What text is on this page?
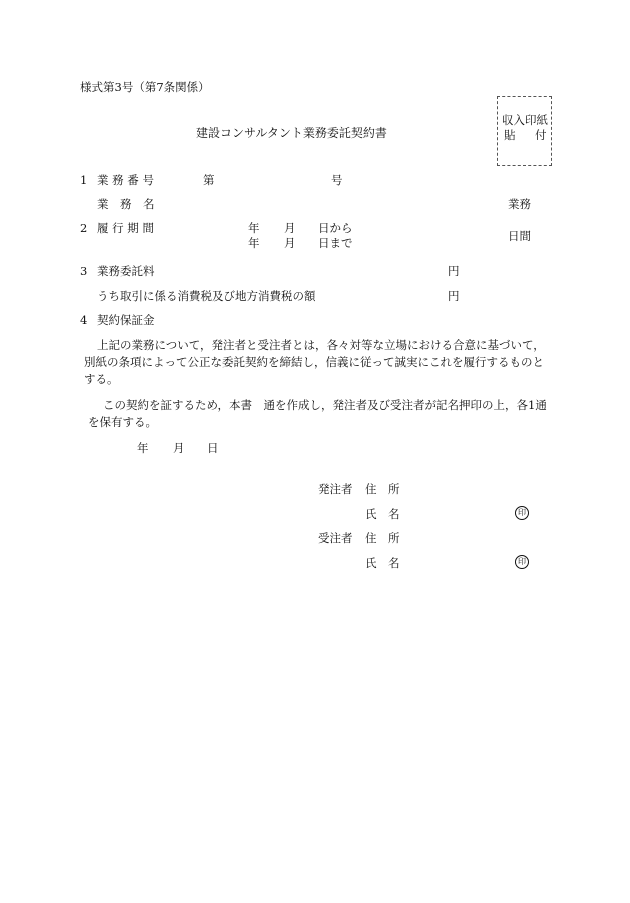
様式第3号（第7条関係）
建設コンサルタント業務委託契約書
収入印紙
貼 付
1 業 務 番 号	第	号
業　務　名	業務
2 履 行 期 間	年 月 日から
年 月 日まで	日間
3 業務委託料	円
うち取引に係る消費税及び地方消費税の額	円
4 契約保証金
上記の業務について，発注者と受注者とは，各々対等な立場における合意に基づいて，
別紙の条項によって公正な委託契約を締結し，信義に従って誠実にこれを履行するものと
する。
この契約を証するため，本書　通を作成し，発注者及び受注者が記名押印の上，各1通
を保有する。
年 月 日
発注者 住　所
氏　名	印
受注者 住　所
氏　名	印
